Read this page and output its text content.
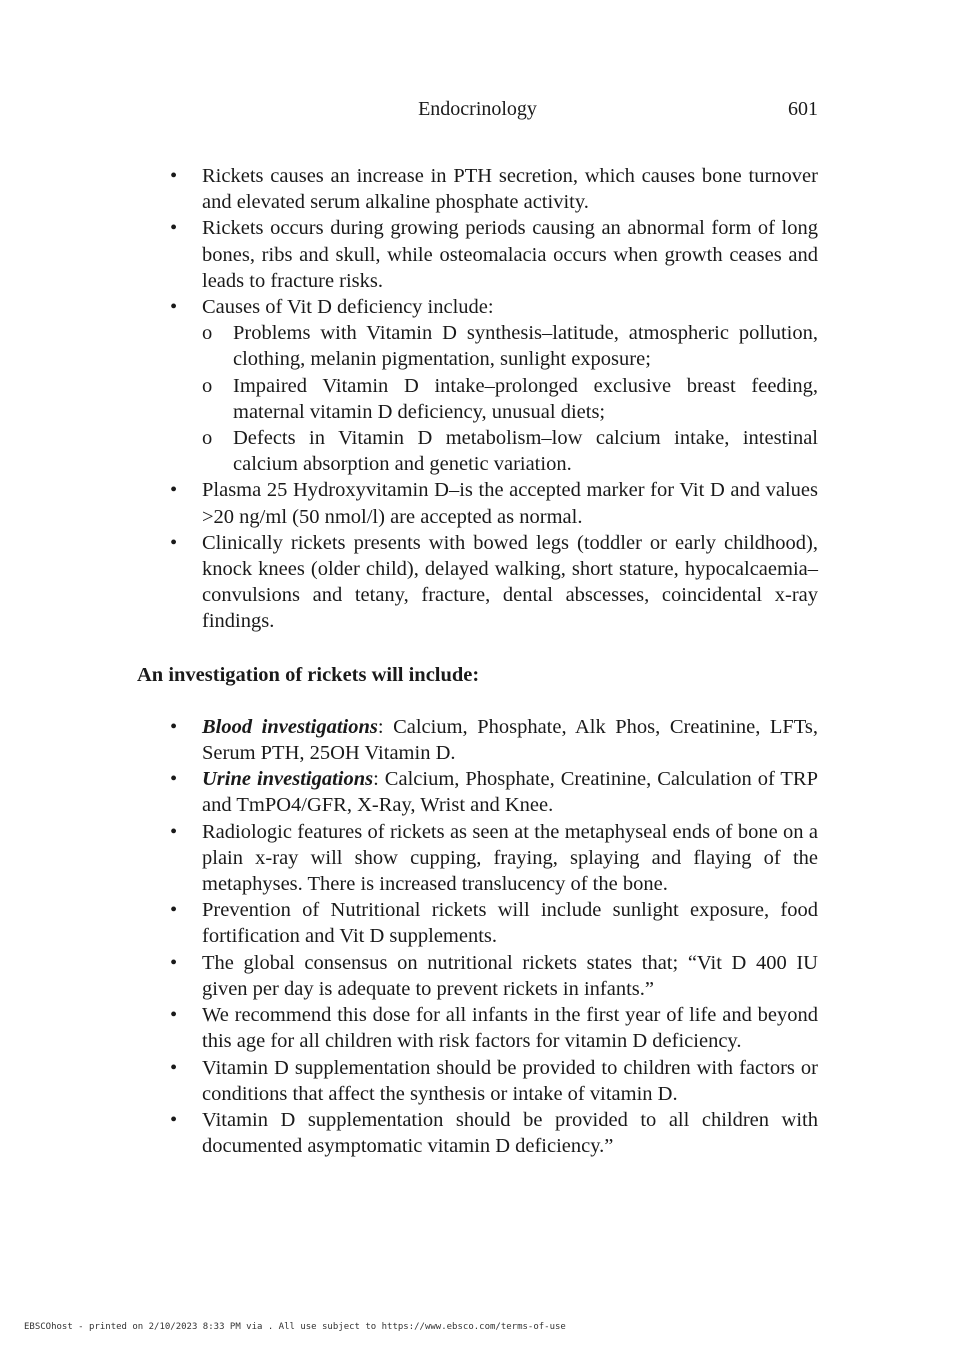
Endocrinology	601
• Rickets causes an increase in PTH secretion, which causes bone turnover and elevated serum alkaline phosphate activity.
• Rickets occurs during growing periods causing an abnormal form of long bones, ribs and skull, while osteomalacia occurs when growth ceases and leads to fracture risks.
• Causes of Vit D deficiency include:
o Problems with Vitamin D synthesis–latitude, atmospheric pollution, clothing, melanin pigmentation, sunlight exposure;
o Impaired Vitamin D intake–prolonged exclusive breast feeding, maternal vitamin D deficiency, unusual diets;
o Defects in Vitamin D metabolism–low calcium intake, intestinal calcium absorption and genetic variation.
• Plasma 25 Hydroxyvitamin D–is the accepted marker for Vit D and values >20 ng/ml (50 nmol/l) are accepted as normal.
• Clinically rickets presents with bowed legs (toddler or early childhood), knock knees (older child), delayed walking, short stature, hypocalcaemia–convulsions and tetany, fracture, dental abscesses, coincidental x-ray findings.
An investigation of rickets will include:
• Blood investigations: Calcium, Phosphate, Alk Phos, Creatinine, LFTs, Serum PTH, 25OH Vitamin D.
• Urine investigations: Calcium, Phosphate, Creatinine, Calculation of TRP and TmPO4/GFR, X-Ray, Wrist and Knee.
• Radiologic features of rickets as seen at the metaphyseal ends of bone on a plain x-ray will show cupping, fraying, splaying and flaying of the metaphyses. There is increased translucency of the bone.
• Prevention of Nutritional rickets will include sunlight exposure, food fortification and Vit D supplements.
• The global consensus on nutritional rickets states that; “Vit D 400 IU given per day is adequate to prevent rickets in infants.”
• We recommend this dose for all infants in the first year of life and beyond this age for all children with risk factors for vitamin D deficiency.
• Vitamin D supplementation should be provided to children with factors or conditions that affect the synthesis or intake of vitamin D.
• Vitamin D supplementation should be provided to all children with documented asymptomatic vitamin D deficiency.”
EBSCOhost - printed on 2/10/2023 8:33 PM via . All use subject to https://www.ebsco.com/terms-of-use
